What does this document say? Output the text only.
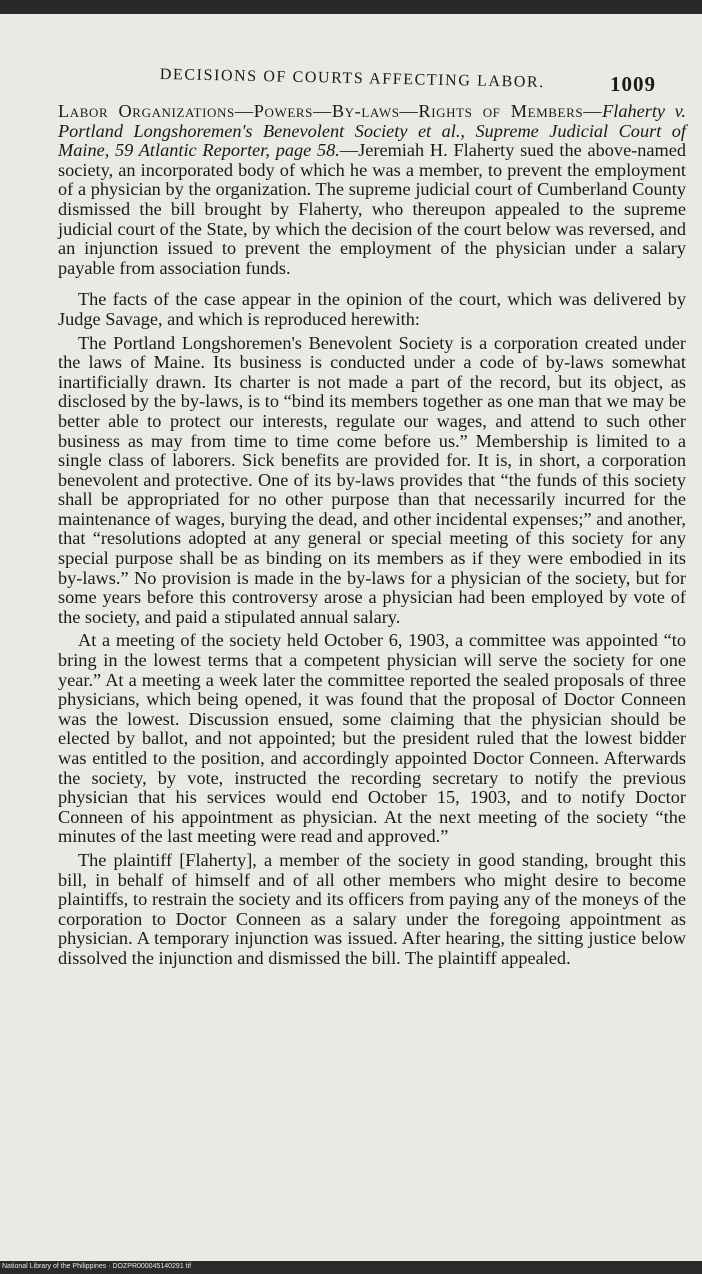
DECISIONS OF COURTS AFFECTING LABOR.	1009

Labor Organizations—Powers—By-laws—Rights of Members—Flaherty v. Portland Longshoremen's Benevolent Society et al., Supreme Judicial Court of Maine, 59 Atlantic Reporter, page 58.—Jeremiah H. Flaherty sued the above-named society, an incorporated body of which he was a member, to prevent the employment of a physician by the organization. The supreme judicial court of Cumberland County dismissed the bill brought by Flaherty, who thereupon appealed to the supreme judicial court of the State, by which the decision of the court below was reversed, and an injunction issued to prevent the employment of the physician under a salary payable from association funds.

The facts of the case appear in the opinion of the court, which was delivered by Judge Savage, and which is reproduced herewith:

The Portland Longshoremen's Benevolent Society is a corporation created under the laws of Maine. Its business is conducted under a code of by-laws somewhat inartificially drawn. Its charter is not made a part of the record, but its object, as disclosed by the by-laws, is to “bind its members together as one man that we may be better able to protect our interests, regulate our wages, and attend to such other business as may from time to time come before us.” Membership is limited to a single class of laborers. Sick benefits are provided for. It is, in short, a corporation benevolent and protective. One of its by-laws provides that “the funds of this society shall be appropriated for no other purpose than that necessarily incurred for the maintenance of wages, burying the dead, and other incidental expenses;” and another, that “resolutions adopted at any general or special meeting of this society for any special purpose shall be as binding on its members as if they were embodied in its by-laws.” No provision is made in the by-laws for a physician of the society, but for some years before this controversy arose a physician had been employed by vote of the society, and paid a stipulated annual salary.

At a meeting of the society held October 6, 1903, a committee was appointed “to bring in the lowest terms that a competent physician will serve the society for one year.” At a meeting a week later the committee reported the sealed proposals of three physicians, which being opened, it was found that the proposal of Doctor Conneen was the lowest. Discussion ensued, some claiming that the physician should be elected by ballot, and not appointed; but the president ruled that the lowest bidder was entitled to the position, and accordingly appointed Doctor Conneen. Afterwards the society, by vote, instructed the recording secretary to notify the previous physician that his services would end October 15, 1903, and to notify Doctor Conneen of his appointment as physician. At the next meeting of the society “the minutes of the last meeting were read and approved.”

The plaintiff [Flaherty], a member of the society in good standing, brought this bill, in behalf of himself and of all other members who might desire to become plaintiffs, to restrain the society and its officers from paying any of the moneys of the corporation to Doctor Conneen as a salary under the foregoing appointment as physician. A temporary injunction was issued. After hearing, the sitting justice below dissolved the injunction and dismissed the bill. The plaintiff appealed.

National Library of the Philippines · DOZPR000045140291 tif
